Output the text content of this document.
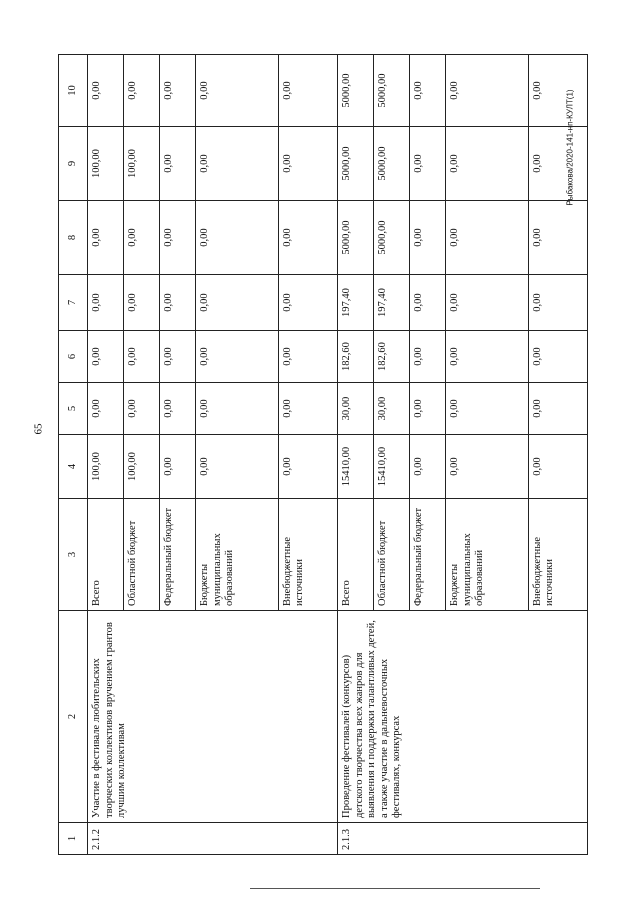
65
Рыбакова/2020-141-нп-КУЛТ(1)
1	2	3	4	5	6	7	8	9	10
2.1.2	Участие в фестивале любительских творческих коллективов вручением грантов лучшим коллективам	Всего	100,00	0,00	0,00	0,00	0,00	100,00	0,00
		Областной бюджет	100,00	0,00	0,00	0,00	0,00	100,00	0,00
		Федеральный бюджет	0,00	0,00	0,00	0,00	0,00	0,00	0,00
		Бюджеты муниципальных образований	0,00	0,00	0,00	0,00	0,00	0,00	0,00
		Внебюджетные источники	0,00	0,00	0,00	0,00	0,00	0,00	0,00
2.1.3	Проведение фестивалей (конкурсов) детского творчества всех жанров для выявления и поддержки талантливых детей, а также участие в дальневосточных фестивалях, конкурсах	Всего	15410,00	30,00	182,60	197,40	5000,00	5000,00	5000,00
		Областной бюджет	15410,00	30,00	182,60	197,40	5000,00	5000,00	5000,00
		Федеральный бюджет	0,00	0,00	0,00	0,00	0,00	0,00	0,00
		Бюджеты муниципальных образований	0,00	0,00	0,00	0,00	0,00	0,00	0,00
		Внебюджетные источники	0,00	0,00	0,00	0,00	0,00	0,00	0,00
